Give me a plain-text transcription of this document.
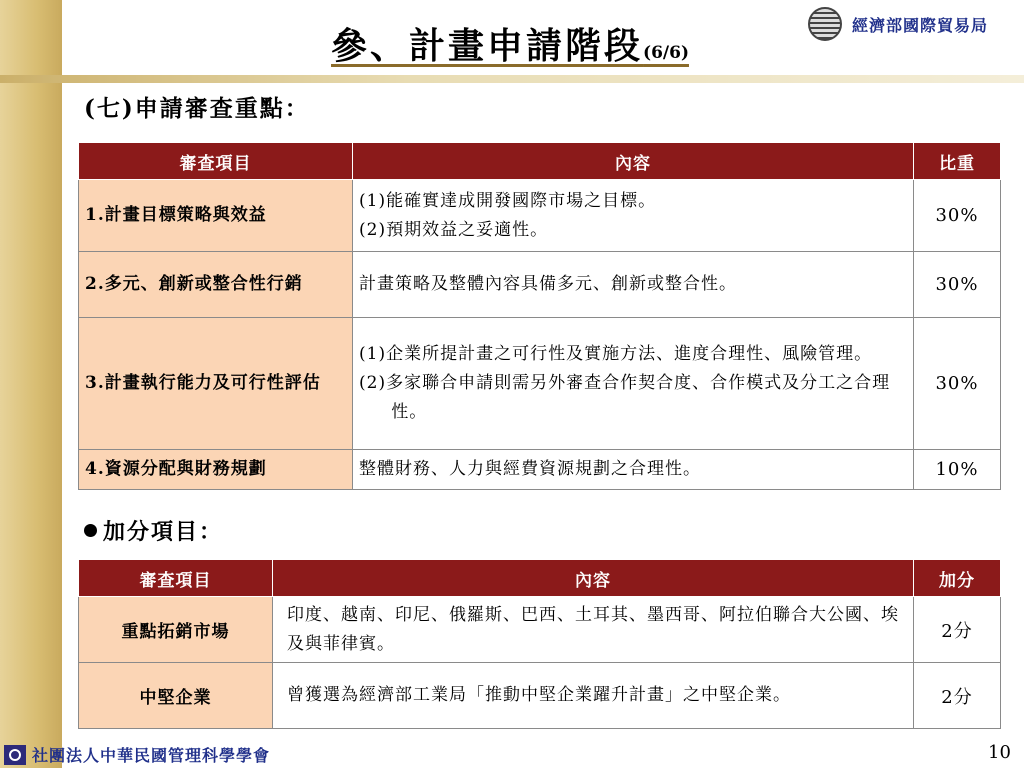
參、計畫申請階段(6/6)
經濟部國際貿易局
(七)申請審查重點：
審查項目	內容	比重

1.計畫目標策略與效益	(1)能確實達成開發國際市場之目標。
(2)預期效益之妥適性。	30%

2.多元、創新或整合性行銷	計畫策略及整體內容具備多元、創新或整合性。	30%

3.計畫執行能力及可行性評估	(1)企業所提計畫之可行性及實施方法、進度合理性、風險管理。
(2)多家聯合申請則需另外審查合作契合度、合作模式及分工之合理性。	30%

4.資源分配與財務規劃	整體財務、人力與經費資源規劃之合理性。	10%
加分項目：
審查項目	內容	加分
重點拓銷市場	印度、越南、印尼、俄羅斯、巴西、土耳其、墨西哥、阿拉伯聯合大公國、埃及與菲律賓。	2分
中堅企業	曾獲選為經濟部工業局「推動中堅企業躍升計畫」之中堅企業。	2分
社團法人中華民國管理科學學會	10
